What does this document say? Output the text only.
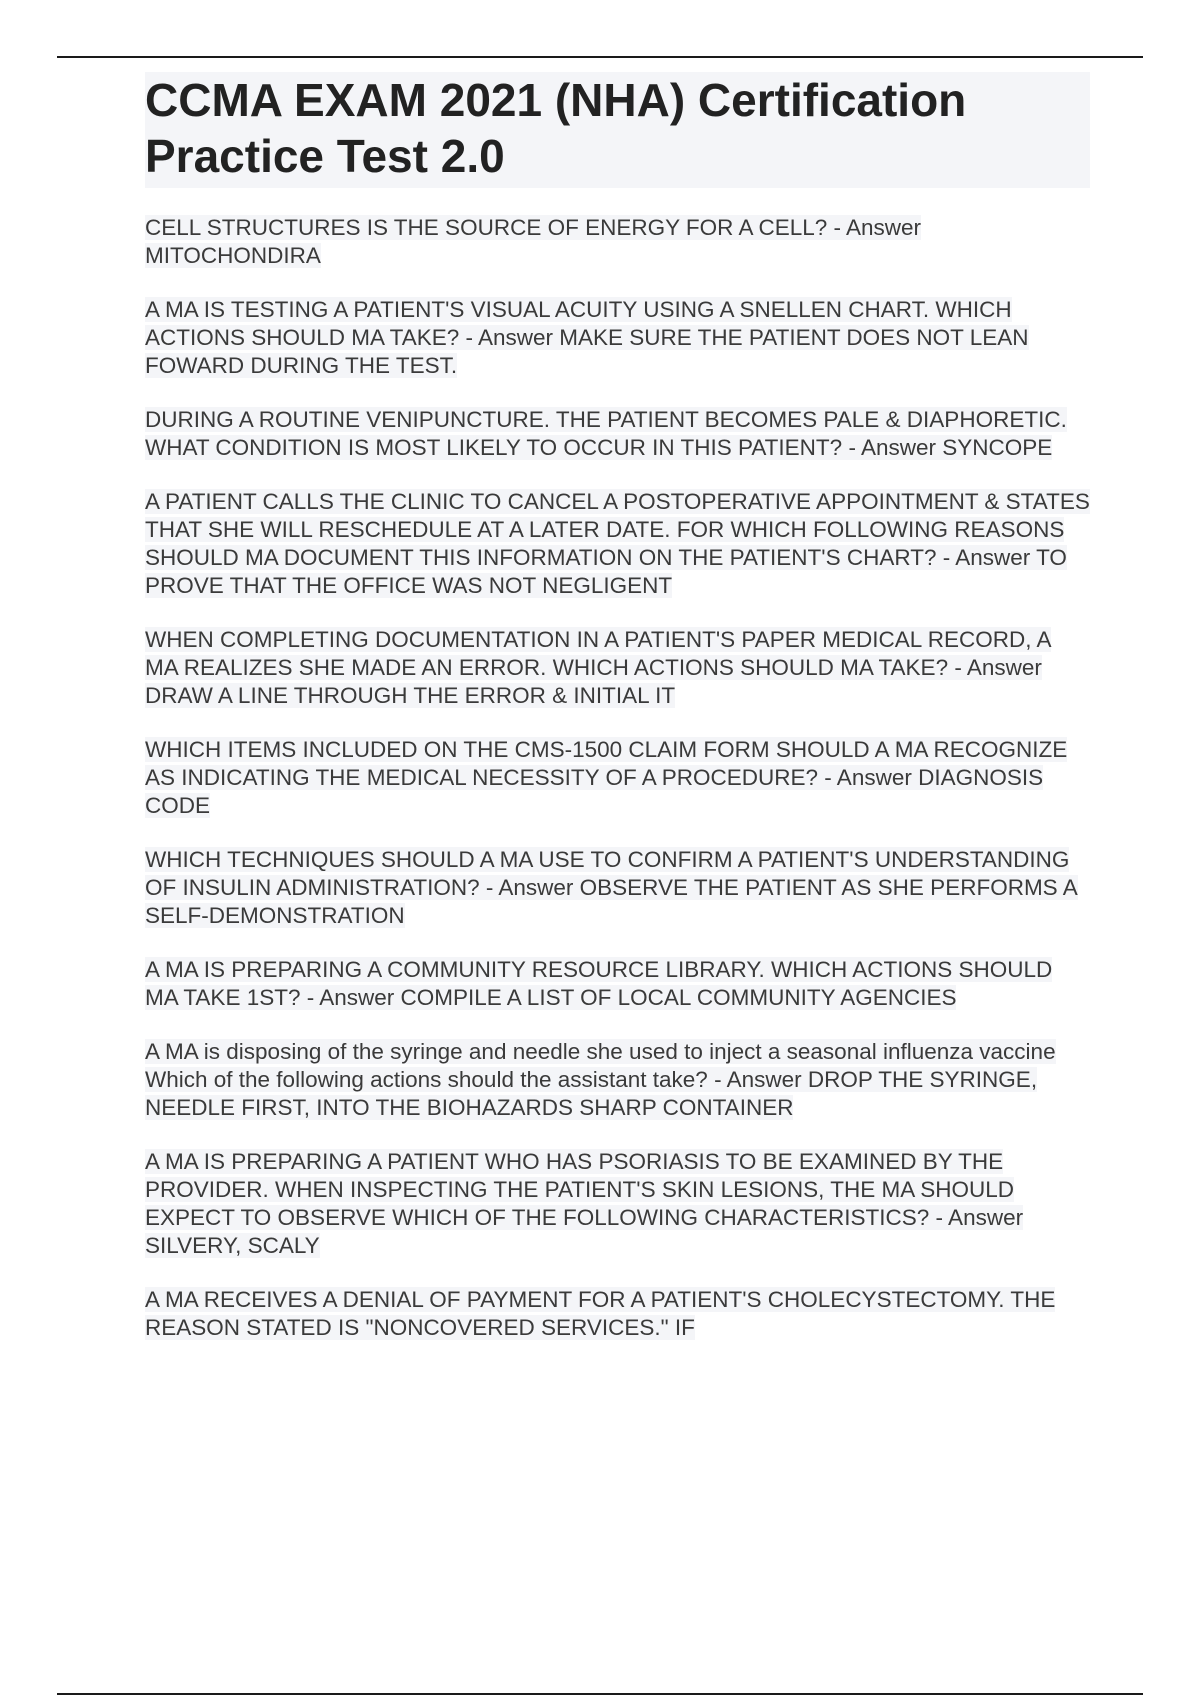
CCMA EXAM 2021 (NHA) Certification Practice Test 2.0

CELL STRUCTURES IS THE SOURCE OF ENERGY FOR A CELL? - Answer MITOCHONDIRA

A MA IS TESTING A PATIENT'S VISUAL ACUITY USING A SNELLEN CHART. WHICH ACTIONS SHOULD MA TAKE? - Answer MAKE SURE THE PATIENT DOES NOT LEAN FOWARD DURING THE TEST.

DURING A ROUTINE VENIPUNCTURE. THE PATIENT BECOMES PALE & DIAPHORETIC. WHAT CONDITION IS MOST LIKELY TO OCCUR IN THIS PATIENT? - Answer SYNCOPE

A PATIENT CALLS THE CLINIC TO CANCEL A POSTOPERATIVE APPOINTMENT & STATES THAT SHE WILL RESCHEDULE AT A LATER DATE. FOR WHICH FOLLOWING REASONS SHOULD MA DOCUMENT THIS INFORMATION ON THE PATIENT'S CHART? - Answer TO PROVE THAT THE OFFICE WAS NOT NEGLIGENT

WHEN COMPLETING DOCUMENTATION IN A PATIENT'S PAPER MEDICAL RECORD, A MA REALIZES SHE MADE AN ERROR. WHICH ACTIONS SHOULD MA TAKE? - Answer DRAW A LINE THROUGH THE ERROR & INITIAL IT

WHICH ITEMS INCLUDED ON THE CMS-1500 CLAIM FORM SHOULD A MA RECOGNIZE AS INDICATING THE MEDICAL NECESSITY OF A PROCEDURE? - Answer DIAGNOSIS CODE

WHICH TECHNIQUES SHOULD A MA USE TO CONFIRM A PATIENT'S UNDERSTANDING OF INSULIN ADMINISTRATION? - Answer OBSERVE THE PATIENT AS SHE PERFORMS A SELF-DEMONSTRATION

A MA IS PREPARING A COMMUNITY RESOURCE LIBRARY. WHICH ACTIONS SHOULD MA TAKE 1ST? - Answer COMPILE A LIST OF LOCAL COMMUNITY AGENCIES

A MA is disposing of the syringe and needle she used to inject a seasonal influenza vaccine Which of the following actions should the assistant take? - Answer DROP THE SYRINGE, NEEDLE FIRST, INTO THE BIOHAZARDS SHARP CONTAINER

A MA IS PREPARING A PATIENT WHO HAS PSORIASIS TO BE EXAMINED BY THE PROVIDER. WHEN INSPECTING THE PATIENT'S SKIN LESIONS, THE MA SHOULD EXPECT TO OBSERVE WHICH OF THE FOLLOWING CHARACTERISTICS? - Answer SILVERY, SCALY

A MA RECEIVES A DENIAL OF PAYMENT FOR A PATIENT'S CHOLECYSTECTOMY. THE REASON STATED IS "NONCOVERED SERVICES." IF
